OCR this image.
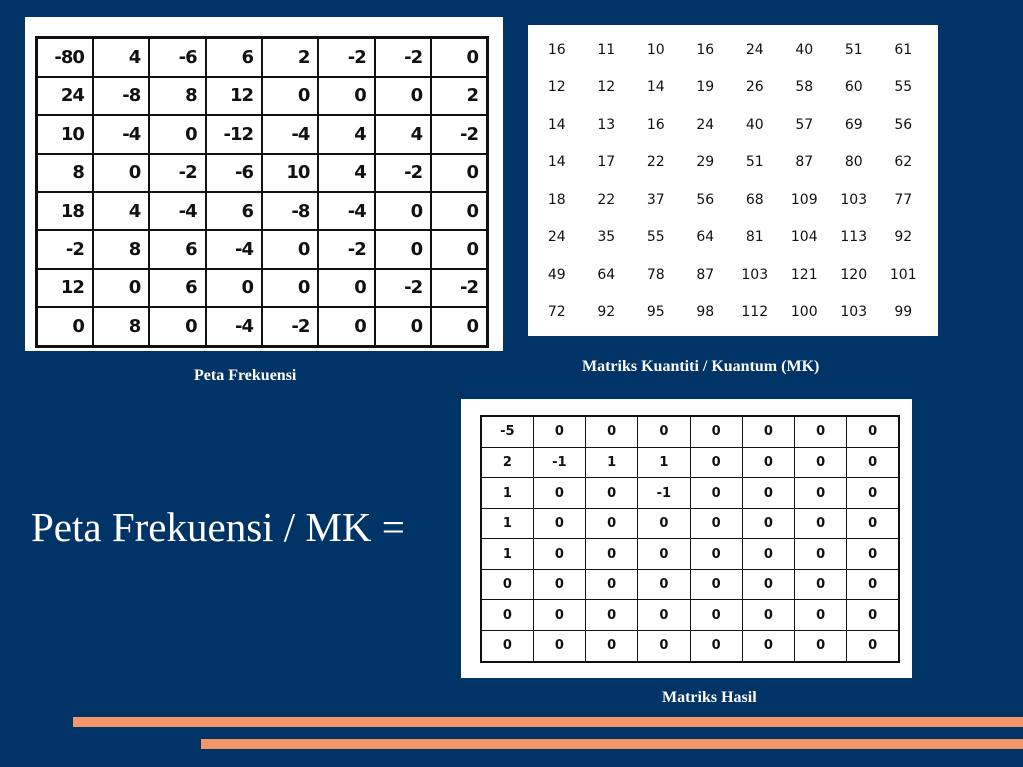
-80	4	-6	6	2	-2	-2	0
24	-8	8	12	0	0	0	2
10	-4	0	-12	-4	4	4	-2
8	0	-2	-6	10	4	-2	0
18	4	-4	6	-8	-4	0	0
-2	8	6	-4	0	-2	0	0
12	0	6	0	0	0	-2	-2
0	8	0	-4	-2	0	0	0
16	11	10	16	24	40	51	61
12	12	14	19	26	58	60	55
14	13	16	24	40	57	69	56
14	17	22	29	51	87	80	62
18	22	37	56	68	109	103	77
24	35	55	64	81	104	113	92
49	64	78	87	103	121	120	101
72	92	95	98	112	100	103	99
Peta Frekuensi
Matriks Kuantiti / Kuantum (MK)
Peta Frekuensi / MK =
-5	0	0	0	0	0	0	0
2	-1	1	1	0	0	0	0
1	0	0	-1	0	0	0	0
1	0	0	0	0	0	0	0
1	0	0	0	0	0	0	0
0	0	0	0	0	0	0	0
0	0	0	0	0	0	0	0
0	0	0	0	0	0	0	0
Matriks Hasil
